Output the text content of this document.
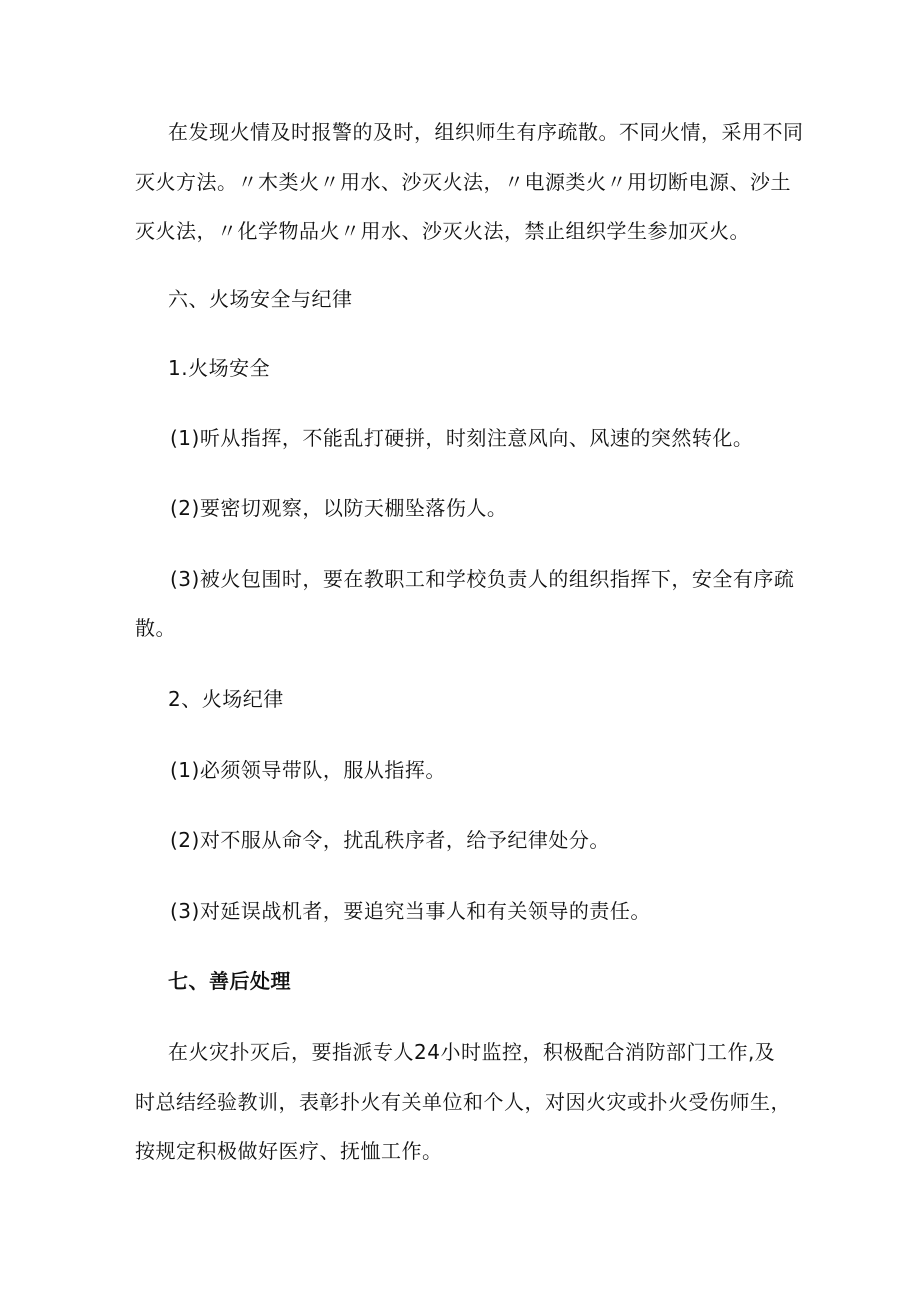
在发现火情及时报警的及时，组织师生有序疏散。不同火情，采用不同
灭火方法。〃木类火〃用水、沙灭火法，〃电源类火〃用切断电源、沙土
灭火法，〃化学物品火〃用水、沙灭火法，禁止组织学生参加灭火。
六、火场安全与纪律
1.火场安全
(1)听从指挥，不能乱打硬拼，时刻注意风向、风速的突然转化。
(2)要密切观察，以防天棚坠落伤人。
(3)被火包围时，要在教职工和学校负责人的组织指挥下，安全有序疏
散。
2、火场纪律
(1)必须领导带队，服从指挥。
(2)对不服从命令，扰乱秩序者，给予纪律处分。
(3)对延误战机者，要追究当事人和有关领导的责任。
七、善后处理
在火灾扑灭后，要指派专人24小时监控，积极配合消防部门工作,及
时总结经验教训，表彰扑火有关单位和个人，对因火灾或扑火受伤师生，
按规定积极做好医疗、抚恤工作。
